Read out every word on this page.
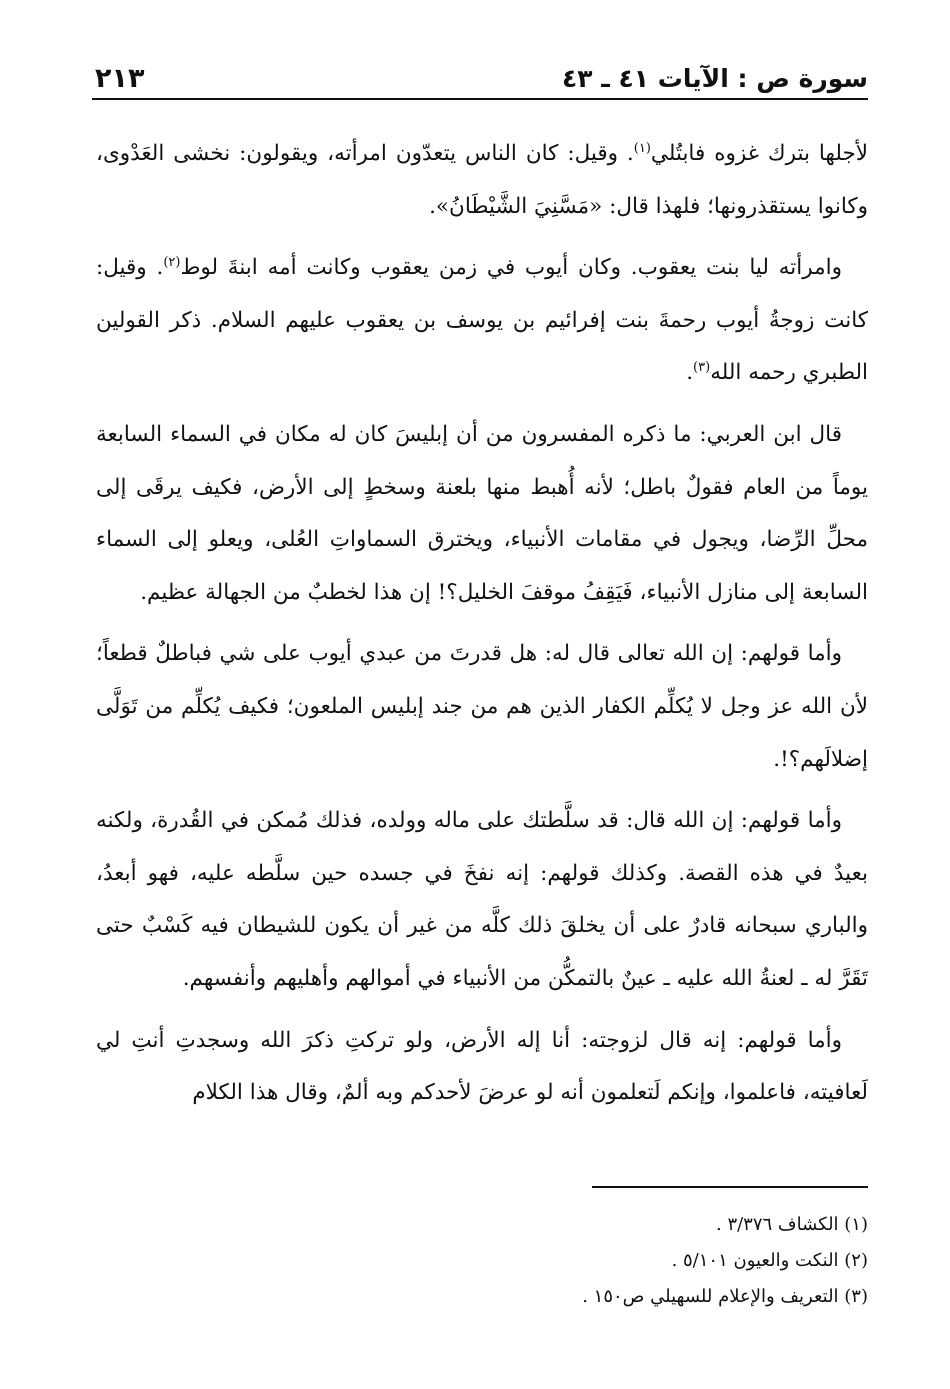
سورة ص : الآيات ٤١ ـ ٤٣
٢١٣

لأجلها بترك غزوه فابتُلي$^{(١)}$. وقيل: كان الناس يتعدّون امرأته، ويقولون: نخشى العَدْوى، وكانوا يستقذرونها؛ فلهذا قال: «مَسَّنِيَ الشَّيْطَانُ».

وامرأته ليا بنت يعقوب. وكان أيوب في زمن يعقوب وكانت أمه ابنةَ لوط$^{(٢)}$. وقيل: كانت زوجةُ أيوب رحمةَ بنت إفرائيم بن يوسف بن يعقوب عليهم السلام. ذكر القولين الطبري رحمه الله$^{(٣)}$.

قال ابن العربي: ما ذكره المفسرون من أن إبليسَ كان له مكان في السماء السابعة يوماً من العام فقولٌ باطل؛ لأنه أُهبط منها بلعنة وسخطٍ إلى الأرض، فكيف يرقَى إلى محلِّ الرِّضا، ويجول في مقامات الأنبياء، ويخترق السماواتِ العُلى، ويعلو إلى السماء السابعة إلى منازل الأنبياء، فَيَقِفُ موقفَ الخليل؟! إن هذا لخطبٌ من الجهالة عظيم.

وأما قولهم: إن الله تعالى قال له: هل قدرتَ من عبدي أيوب على شي فباطلٌ قطعاً؛ لأن الله عز وجل لا يُكلِّم الكفار الذين هم من جند إبليس الملعون؛ فكيف يُكلِّم من تَوَلَّى إضلالَهم؟!.

وأما قولهم: إن الله قال: قد سلَّطتك على ماله وولده، فذلك مُمكن في القُدرة، ولكنه بعيدٌ في هذه القصة. وكذلك قولهم: إنه نفخَ في جسده حين سلَّطه عليه، فهو أبعدُ، والباري سبحانه قادرٌ على أن يخلقَ ذلك كلَّه من غير أن يكون للشيطان فيه كَسْبٌ حتى تَقَرَّ له ـ لعنةُ الله عليه ـ عينٌ بالتمكُّن من الأنبياء في أموالهم وأهليهم وأنفسهم.

وأما قولهم: إنه قال لزوجته: أنا إله الأرض، ولو تركتِ ذكرَ الله وسجدتِ أنتِ لي لَعافيته، فاعلموا، وإنكم لَتعلمون أنه لو عرضَ لأحدكم وبه ألمٌ، وقال هذا الكلام

(١) الكشاف ٣/٣٧٦ .
(٢) النكت والعيون ٥/١٠١ .
(٣) التعريف والإعلام للسهيلي ص١٥٠ .
